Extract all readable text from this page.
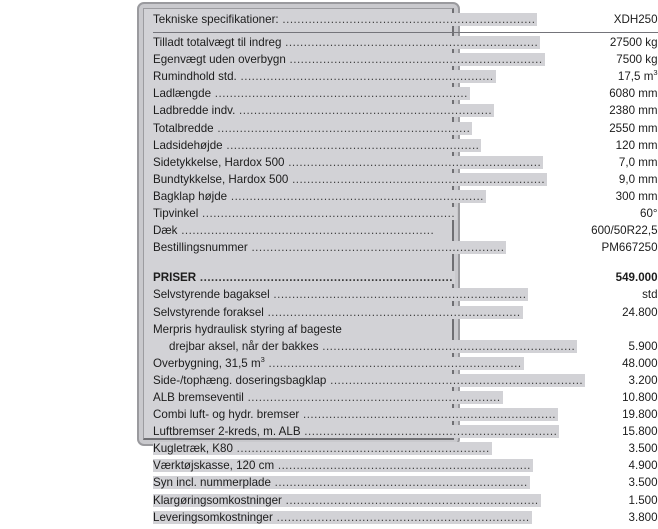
Tekniske specifikationer: .....	XDH250

Tilladt totalvægt til indreg .....	27500 kg
Egenvægt uden overbygn .....	7500 kg
Rumindhold std. .....	17,5 $m^3$
Ladlængde .....	6080 mm
Ladbredde indv. .....	2380 mm
Totalbredde .....	2550 mm
Ladsidehøjde .....	120 mm
Sidetykkelse, Hardox 500 .....	7,0 mm
Bundtykkelse, Hardox 500 .....	9,0 mm
Bagklap højde .....	300 mm
Tipvinkel .....	60°
Dæk .....	600/50R22,5
Bestillingsnummer .....	PM667250

PRISER .....	549.000
Selvstyrende bagaksel .....	std
Selvstyrende foraksel .....	24.800
Merpris hydraulisk styring af bageste	
drejbar aksel, når der bakkes .....	5.900
Overbygning, 31,5 $m^3$ .....	48.000
Side-/tophæng. doseringsbagklap .....	3.200
ALB bremseventil .....	10.800
Combi luft- og hydr. bremser .....	19.800
Luftbremser 2-kreds, m. ALB .....	15.800
Kugletræk, K80 .....	3.500
Værktøjskasse, 120 cm .....	4.900
Syn incl. nummerplade .....	3.500
Klargøringsomkostninger .....	1.500
Leveringsomkostninger .....	3.800
